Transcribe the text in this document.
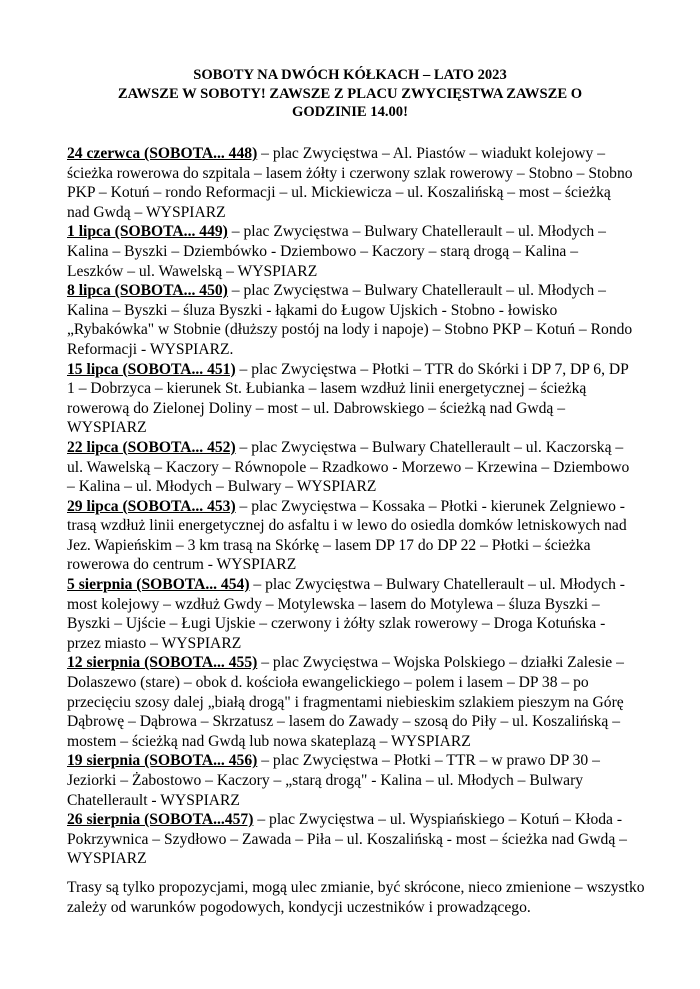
SOBOTY NA DWÓCH KÓŁKACH – LATO 2023
ZAWSZE W SOBOTY! ZAWSZE Z PLACU ZWYCIĘSTWA ZAWSZE O
GODZINIE 14.00!

24 czerwca (SOBOTA... 448) – plac Zwycięstwa – Al. Piastów – wiadukt kolejowy – ścieżka rowerowa do szpitala – lasem żółty i czerwony szlak rowerowy – Stobno – Stobno PKP – Kotuń – rondo Reformacji – ul. Mickiewicza – ul. Koszalińską – most – ścieżką nad Gwdą – WYSPIARZ

1 lipca (SOBOTA... 449) – plac Zwycięstwa – Bulwary Chatellerault – ul. Młodych – Kalina – Byszki – Dziembówko - Dziembowo – Kaczory – starą drogą – Kalina – Leszków – ul. Wawelską – WYSPIARZ

8 lipca (SOBOTA... 450) – plac Zwycięstwa – Bulwary Chatellerault – ul. Młodych – Kalina – Byszki – śluza Byszki - łąkami do Ługow Ujskich - Stobno - łowisko „Rybakówka" w Stobnie (dłuższy postój na lody i napoje) – Stobno PKP – Kotuń – Rondo Reformacji - WYSPIARZ.

15 lipca (SOBOTA... 451) – plac Zwycięstwa – Płotki – TTR do Skórki i DP 7, DP 6, DP 1 – Dobrzyca – kierunek St. Łubianka – lasem wzdłuż linii energetycznej – ścieżką rowerową do Zielonej Doliny – most – ul. Dabrowskiego – ścieżką nad Gwdą – WYSPIARZ

22 lipca (SOBOTA... 452) – plac Zwycięstwa – Bulwary Chatellerault – ul. Kaczorską – ul. Wawelską – Kaczory – Równopole – Rzadkowo - Morzewo – Krzewina – Dziembowo – Kalina – ul. Młodych – Bulwary – WYSPIARZ

29 lipca (SOBOTA... 453) – plac Zwycięstwa – Kossaka – Płotki - kierunek Zelgniewo - trasą wzdłuż linii energetycznej do asfaltu i w lewo do osiedla domków letniskowych nad Jez. Wapieńskim – 3 km trasą na Skórkę – lasem DP 17 do DP 22 – Płotki – ścieżka rowerowa do centrum - WYSPIARZ

5 sierpnia (SOBOTA... 454) – plac Zwycięstwa – Bulwary Chatellerault – ul. Młodych - most kolejowy – wzdłuż Gwdy – Motylewska – lasem do Motylewa – śluza Byszki – Byszki – Ujście – Ługi Ujskie – czerwony i żółty szlak rowerowy – Droga Kotuńska - przez miasto – WYSPIARZ

12 sierpnia (SOBOTA... 455) – plac Zwycięstwa – Wojska Polskiego – działki Zalesie – Dolaszewo (stare) – obok d. kościoła ewangelickiego – polem i lasem – DP 38 – po przecięciu szosy dalej „białą drogą" i fragmentami niebieskim szlakiem pieszym na Górę Dąbrowę – Dąbrowa – Skrzatusz – lasem do Zawady – szosą do Piły – ul. Koszalińską – mostem – ścieżką nad Gwdą lub nowa skateplazą – WYSPIARZ

19 sierpnia (SOBOTA... 456) – plac Zwycięstwa – Płotki – TTR – w prawo DP 30 – Jeziorki – Żabostowo – Kaczory – „starą drogą" - Kalina – ul. Młodych – Bulwary Chatellerault - WYSPIARZ

26 sierpnia (SOBOTA...457) – plac Zwycięstwa – ul. Wyspiańskiego – Kotuń – Kłoda - Pokrzywnica – Szydłowo – Zawada – Piła – ul. Koszalińską - most – ścieżka nad Gwdą – WYSPIARZ

Trasy są tylko propozycjami, mogą ulec zmianie, być skrócone, nieco zmienione – wszystko zależy od warunków pogodowych, kondycji uczestników i prowadzącego.
